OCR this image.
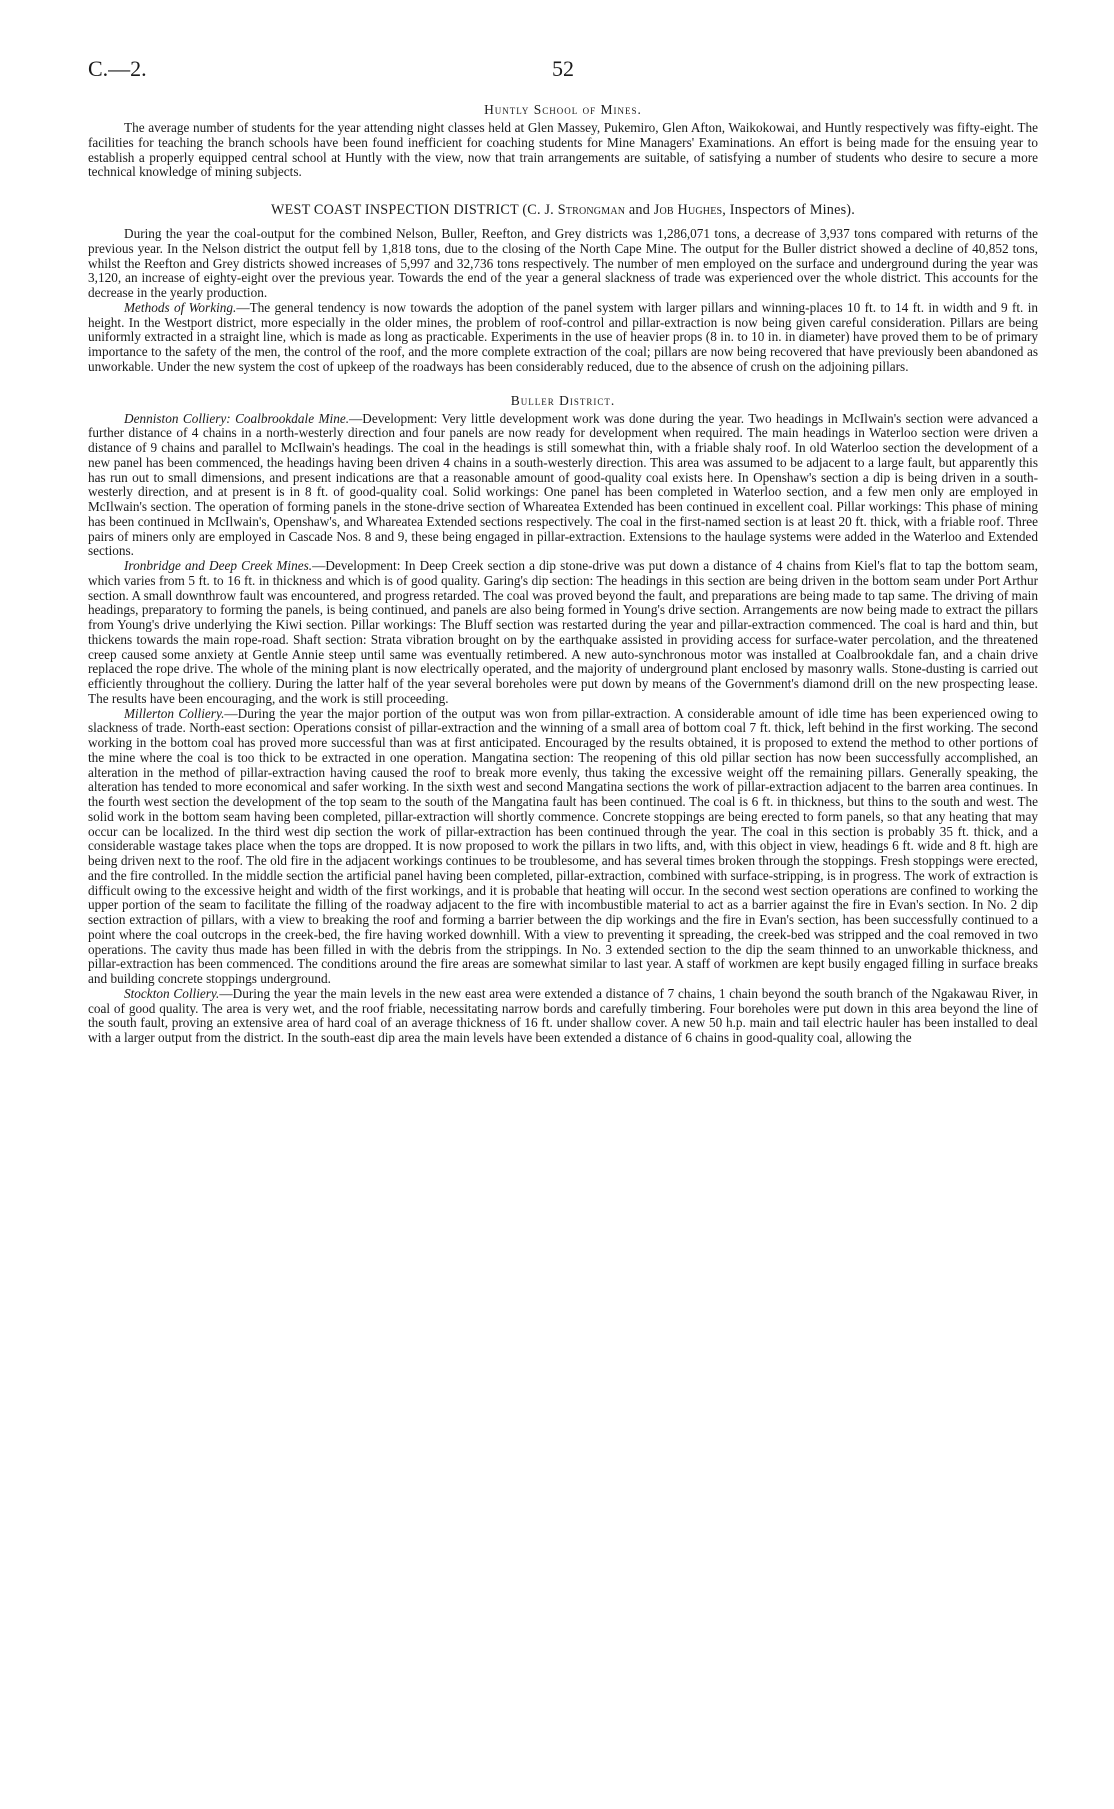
C.—2.	52
Huntly School of Mines.

The average number of students for the year attending night classes held at Glen Massey, Pukemiro, Glen Afton, Waikokowai, and Huntly respectively was fifty-eight. The facilities for teaching the branch schools have been found inefficient for coaching students for Mine Managers' Examinations. An effort is being made for the ensuing year to establish a properly equipped central school at Huntly with the view, now that train arrangements are suitable, of satisfying a number of students who desire to secure a more technical knowledge of mining subjects.

WEST COAST INSPECTION DISTRICT (C. J. Strongman and Job Hughes, Inspectors of Mines).

During the year the coal-output for the combined Nelson, Buller, Reefton, and Grey districts was 1,286,071 tons, a decrease of 3,937 tons compared with returns of the previous year. In the Nelson district the output fell by 1,818 tons, due to the closing of the North Cape Mine. The output for the Buller district showed a decline of 40,852 tons, whilst the Reefton and Grey districts showed increases of 5,997 and 32,736 tons respectively. The number of men employed on the surface and underground during the year was 3,120, an increase of eighty-eight over the previous year. Towards the end of the year a general slackness of trade was experienced over the whole district. This accounts for the decrease in the yearly production.

Methods of Working.—The general tendency is now towards the adoption of the panel system with larger pillars and winning-places 10 ft. to 14 ft. in width and 9 ft. in height. In the Westport district, more especially in the older mines, the problem of roof-control and pillar-extraction is now being given careful consideration. Pillars are being uniformly extracted in a straight line, which is made as long as practicable. Experiments in the use of heavier props (8 in. to 10 in. in diameter) have proved them to be of primary importance to the safety of the men, the control of the roof, and the more complete extraction of the coal; pillars are now being recovered that have previously been abandoned as unworkable. Under the new system the cost of upkeep of the roadways has been considerably reduced, due to the absence of crush on the adjoining pillars.

Buller District.

Denniston Colliery: Coalbrookdale Mine.—Development: Very little development work was done during the year. Two headings in McIlwain's section were advanced a further distance of 4 chains in a north-westerly direction and four panels are now ready for development when required. The main headings in Waterloo section were driven a distance of 9 chains and parallel to McIlwain's headings. The coal in the headings is still somewhat thin, with a friable shaly roof. In old Waterloo section the development of a new panel has been commenced, the headings having been driven 4 chains in a south-westerly direction. This area was assumed to be adjacent to a large fault, but apparently this has run out to small dimensions, and present indications are that a reasonable amount of good-quality coal exists here. In Openshaw's section a dip is being driven in a south-westerly direction, and at present is in 8 ft. of good-quality coal. Solid workings: One panel has been completed in Waterloo section, and a few men only are employed in McIlwain's section. The operation of forming panels in the stone-drive section of Whareatea Extended has been continued in excellent coal. Pillar workings: This phase of mining has been continued in McIlwain's, Openshaw's, and Whareatea Extended sections respectively. The coal in the first-named section is at least 20 ft. thick, with a friable roof. Three pairs of miners only are employed in Cascade Nos. 8 and 9, these being engaged in pillar-extraction. Extensions to the haulage systems were added in the Waterloo and Extended sections.

Ironbridge and Deep Creek Mines.—Development: In Deep Creek section a dip stone-drive was put down a distance of 4 chains from Kiel's flat to tap the bottom seam, which varies from 5 ft. to 16 ft. in thickness and which is of good quality. Garing's dip section: The headings in this section are being driven in the bottom seam under Port Arthur section. A small downthrow fault was encountered, and progress retarded. The coal was proved beyond the fault, and preparations are being made to tap same. The driving of main headings, preparatory to forming the panels, is being continued, and panels are also being formed in Young's drive section. Arrangements are now being made to extract the pillars from Young's drive underlying the Kiwi section. Pillar workings: The Bluff section was restarted during the year and pillar-extraction commenced. The coal is hard and thin, but thickens towards the main rope-road. Shaft section: Strata vibration brought on by the earthquake assisted in providing access for surface-water percolation, and the threatened creep caused some anxiety at Gentle Annie steep until same was eventually retimbered. A new auto-synchronous motor was installed at Coalbrookdale fan, and a chain drive replaced the rope drive. The whole of the mining plant is now electrically operated, and the majority of underground plant enclosed by masonry walls. Stone-dusting is carried out efficiently throughout the colliery. During the latter half of the year several boreholes were put down by means of the Government's diamond drill on the new prospecting lease. The results have been encouraging, and the work is still proceeding.

Millerton Colliery.—During the year the major portion of the output was won from pillar-extraction. A considerable amount of idle time has been experienced owing to slackness of trade. North-east section: Operations consist of pillar-extraction and the winning of a small area of bottom coal 7 ft. thick, left behind in the first working. The second working in the bottom coal has proved more successful than was at first anticipated. Encouraged by the results obtained, it is proposed to extend the method to other portions of the mine where the coal is too thick to be extracted in one operation. Mangatina section: The reopening of this old pillar section has now been successfully accomplished, an alteration in the method of pillar-extraction having caused the roof to break more evenly, thus taking the excessive weight off the remaining pillars. Generally speaking, the alteration has tended to more economical and safer working. In the sixth west and second Mangatina sections the work of pillar-extraction adjacent to the barren area continues. In the fourth west section the development of the top seam to the south of the Mangatina fault has been continued. The coal is 6 ft. in thickness, but thins to the south and west. The solid work in the bottom seam having been completed, pillar-extraction will shortly commence. Concrete stoppings are being erected to form panels, so that any heating that may occur can be localized. In the third west dip section the work of pillar-extraction has been continued through the year. The coal in this section is probably 35 ft. thick, and a considerable wastage takes place when the tops are dropped. It is now proposed to work the pillars in two lifts, and, with this object in view, headings 6 ft. wide and 8 ft. high are being driven next to the roof. The old fire in the adjacent workings continues to be troublesome, and has several times broken through the stoppings. Fresh stoppings were erected, and the fire controlled. In the middle section the artificial panel having been completed, pillar-extraction, combined with surface-stripping, is in progress. The work of extraction is difficult owing to the excessive height and width of the first workings, and it is probable that heating will occur. In the second west section operations are confined to working the upper portion of the seam to facilitate the filling of the roadway adjacent to the fire with incombustible material to act as a barrier against the fire in Evan's section. In No. 2 dip section extraction of pillars, with a view to breaking the roof and forming a barrier between the dip workings and the fire in Evan's section, has been successfully continued to a point where the coal outcrops in the creek-bed, the fire having worked downhill. With a view to preventing it spreading, the creek-bed was stripped and the coal removed in two operations. The cavity thus made has been filled in with the debris from the strippings. In No. 3 extended section to the dip the seam thinned to an unworkable thickness, and pillar-extraction has been commenced. The conditions around the fire areas are somewhat similar to last year. A staff of workmen are kept busily engaged filling in surface breaks and building concrete stoppings underground.

Stockton Colliery.—During the year the main levels in the new east area were extended a distance of 7 chains, 1 chain beyond the south branch of the Ngakawau River, in coal of good quality. The area is very wet, and the roof friable, necessitating narrow bords and carefully timbering. Four boreholes were put down in this area beyond the line of the south fault, proving an extensive area of hard coal of an average thickness of 16 ft. under shallow cover. A new 50 h.p. main and tail electric hauler has been installed to deal with a larger output from the district. In the south-east dip area the main levels have been extended a distance of 6 chains in good-quality coal, allowing the
